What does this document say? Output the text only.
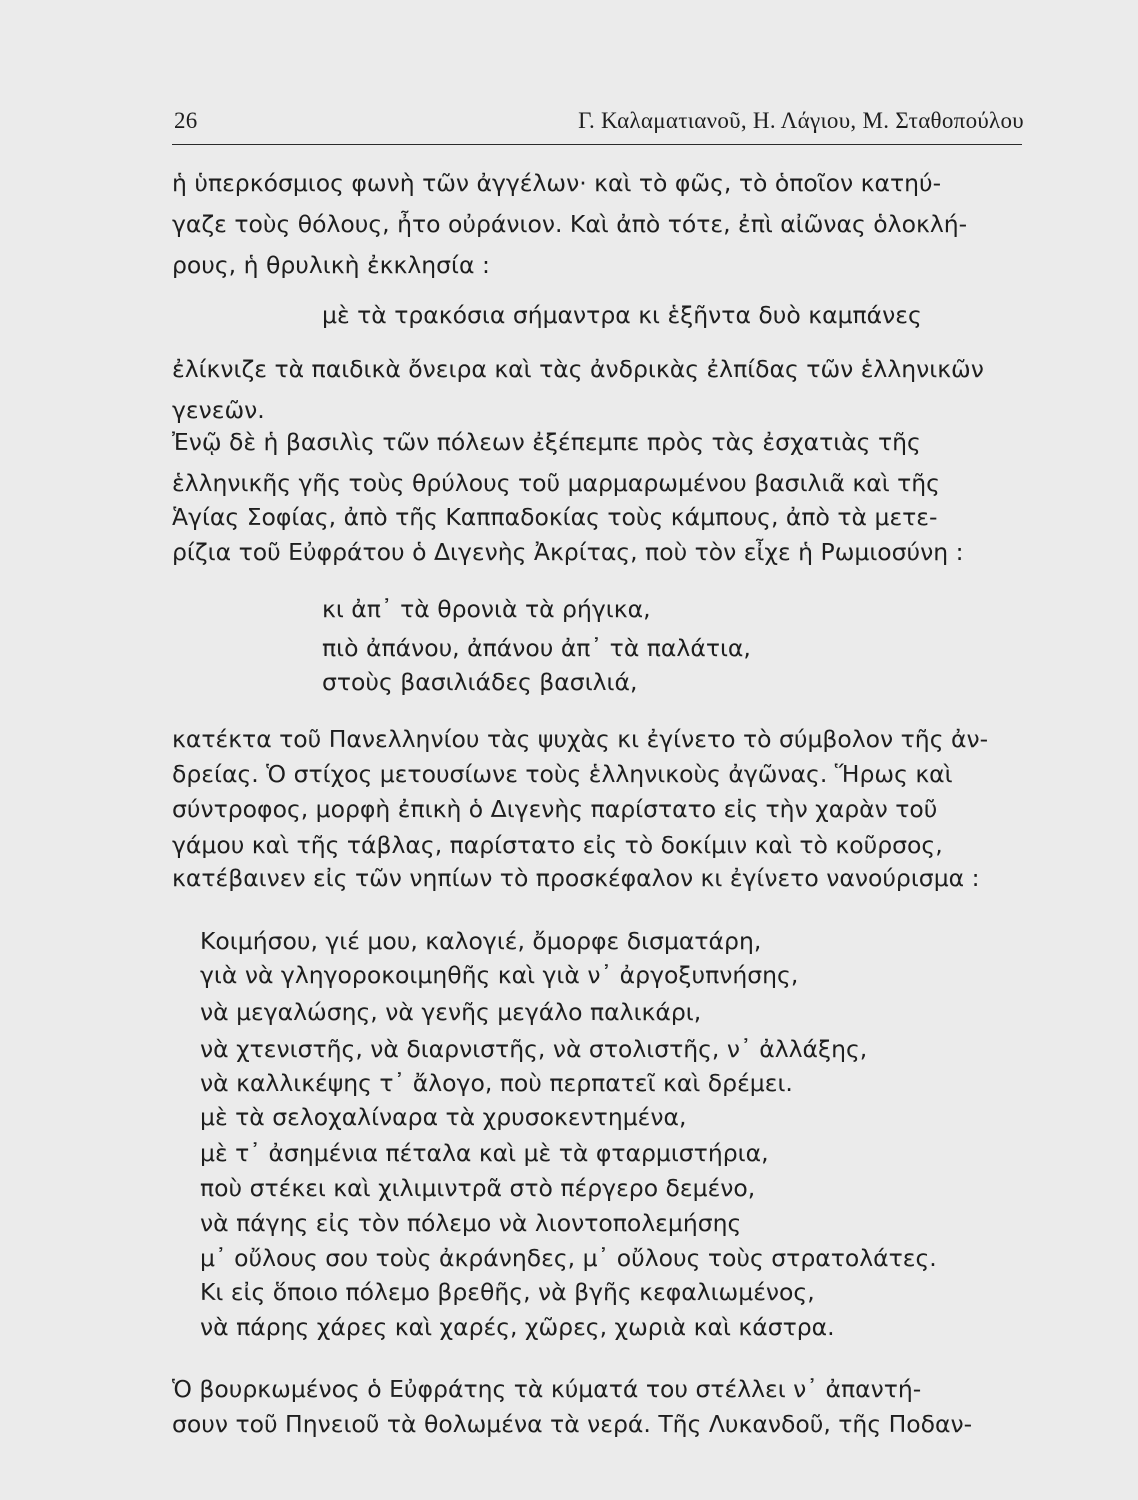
26	Γ. Καλαματιανοῦ, Η. Λάγιου, Μ. Σταθοπούλου
ἡ ὑπερκόσμιος φωνὴ τῶν ἀγγέλων· καὶ τὸ φῶς, τὸ ὁποῖον κατηύ-
γαζε τοὺς θόλους, ἦτο οὐράνιον. Καὶ ἀπὸ τότε, ἐπὶ αἰῶνας ὁλοκλή-
ρους, ἡ θρυλικὴ ἐκκλησία :
μὲ τὰ τρακόσια σήμαντρα κι ἑξῆντα δυὸ καμπάνες
ἐλίκνιζε τὰ παιδικὰ ὄνειρα καὶ τὰς ἀνδρικὰς ἐλπίδας τῶν ἑλληνικῶν
γενεῶν.
Ἐνῷ δὲ ἡ βασιλὶς τῶν πόλεων ἐξέπεμπε πρὸς τὰς ἐσχατιὰς τῆς
ἑλληνικῆς γῆς τοὺς θρύλους τοῦ μαρμαρωμένου βασιλιᾶ καὶ τῆς
Ἁγίας Σοφίας, ἀπὸ τῆς Καππαδοκίας τοὺς κάμπους, ἀπὸ τὰ μετε-
ρίζια τοῦ Εὐφράτου ὁ Διγενὴς Ἀκρίτας, ποὺ τὸν εἶχε ἡ Ρωμιοσύνη :
κι ἀπ᾽ τὰ θρονιὰ τὰ ρήγικα,
πιὸ ἀπάνου, ἀπάνου ἀπ᾽ τὰ παλάτια,
στοὺς βασιλιάδες βασιλιά,
κατέκτα τοῦ Πανελληνίου τὰς ψυχὰς κι ἐγίνετο τὸ σύμβολον τῆς ἀν-
δρείας. Ὁ στίχος μετουσίωνε τοὺς ἑλληνικοὺς ἀγῶνας. Ἥρως καὶ
σύντροφος, μορφὴ ἐπικὴ ὁ Διγενὴς παρίστατο εἰς τὴν χαρὰν τοῦ
γάμου καὶ τῆς τάβλας, παρίστατο εἰς τὸ δοκίμιν καὶ τὸ κοῦρσος,
κατέβαινεν εἰς τῶν νηπίων τὸ προσκέφαλον κι ἐγίνετο νανούρισμα :
Κοιμήσου, γιέ μου, καλογιέ, ὄμορφε δισματάρη,
γιὰ νὰ γληγοροκοιμηθῆς καὶ γιὰ ν᾽ ἀργοξυπνήσης,
νὰ μεγαλώσης, νὰ γενῆς μεγάλο παλικάρι,
νὰ χτενιστῆς, νὰ διαρνιστῆς, νὰ στολιστῆς, ν᾽ ἀλλάξης,
νὰ καλλικέψης τ᾽ ἄλογο, ποὺ περπατεῖ καὶ δρέμει.
μὲ τὰ σελοχαλίναρα τὰ χρυσοκεντημένα,
μὲ τ᾽ ἀσημένια πέταλα καὶ μὲ τὰ φταρμιστήρια,
ποὺ στέκει καὶ χιλιμιντρᾶ στὸ πέργερο δεμένο,
νὰ πάγης εἰς τὸν πόλεμο νὰ λιοντοπολεμήσης
μ᾽ οὔλους σου τοὺς ἀκράνηδες, μ᾽ οὔλους τοὺς στρατολάτες.
Κι εἰς ὅποιο πόλεμο βρεθῆς, νὰ βγῆς κεφαλιωμένος,
νὰ πάρης χάρες καὶ χαρές, χῶρες, χωριὰ καὶ κάστρα.
Ὁ βουρκωμένος ὁ Εὐφράτης τὰ κύματά του στέλλει ν᾽ ἀπαντή-
σουν τοῦ Πηνειοῦ τὰ θολωμένα τὰ νερά. Τῆς Λυκανδοῦ, τῆς Ποδαν-
